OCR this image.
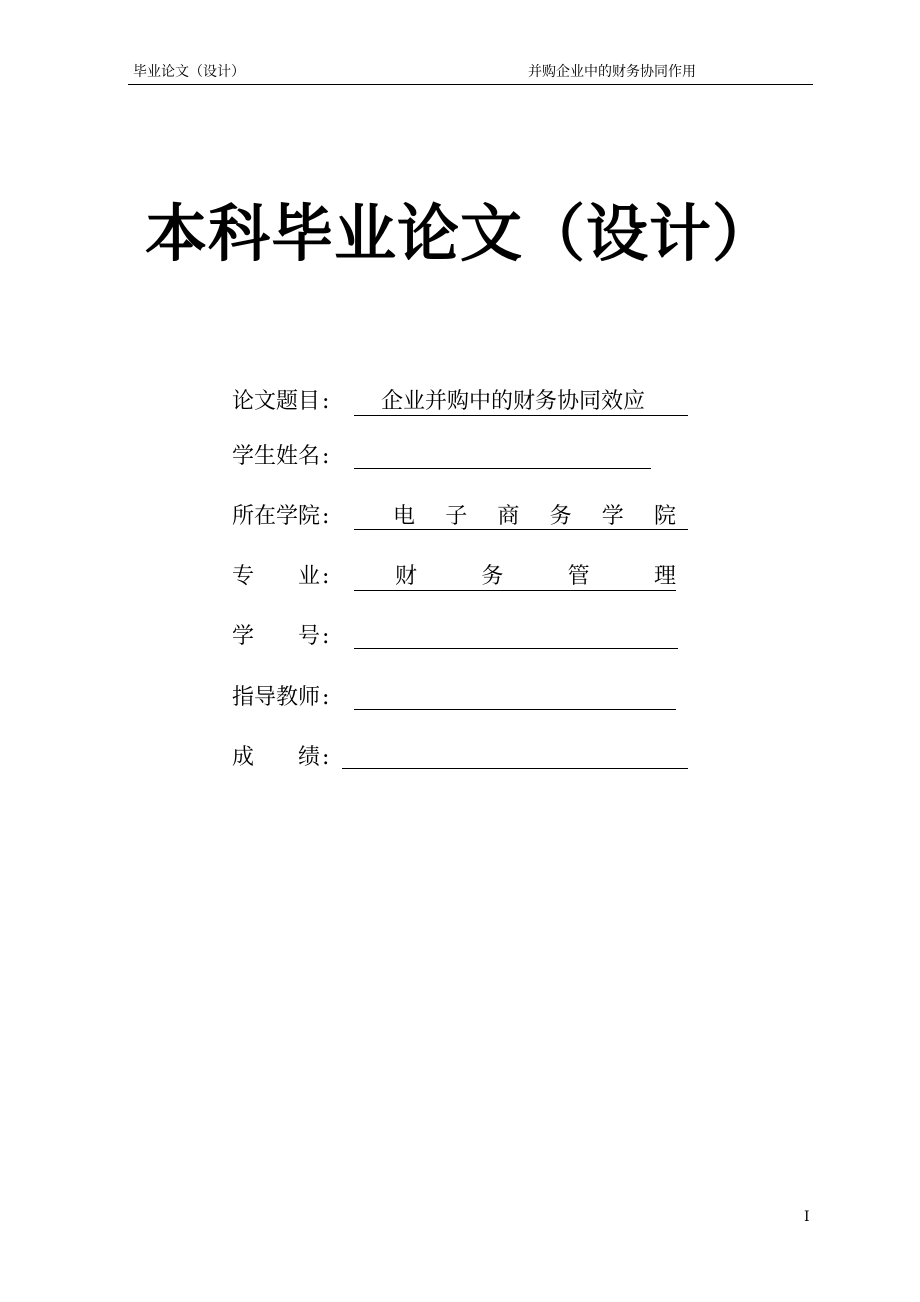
毕业论文（设计）	并购企业中的财务协同作用
本科毕业论文（设计）
论文题目 : 企业并购中的财务协同效应
学生姓名 :
所在学院 :	电 子 商 务 学 院
专 业 :	财	务	管	理
学 号 :
指导教师 :
成 绩 :
I
